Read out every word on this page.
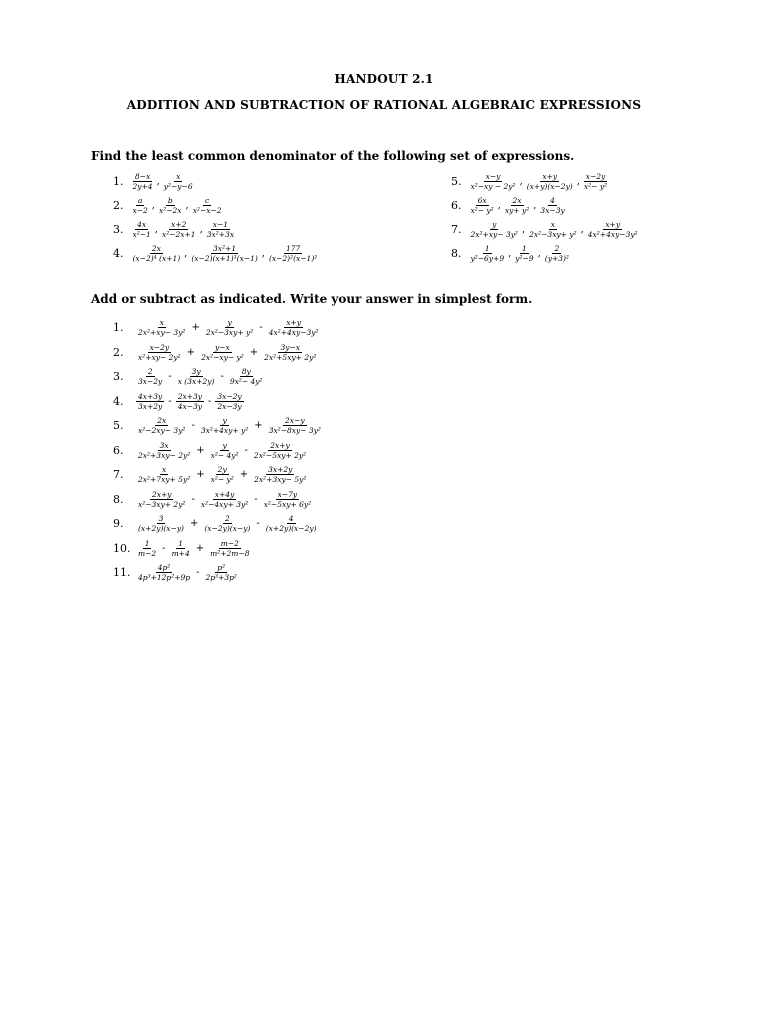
HANDOUT 2.1
ADDITION AND SUBTRACTION OF RATIONAL ALGEBRAIC EXPRESSIONS
Find the least common denominator of the following set of expressions.
1. $\frac{8-x}{2y+4}$ , $\frac{x}{\text{y²−y−6}}$
2. $\frac{a}{x-2}$ , $\frac{b}{\text{x²−2x}}$ , $\frac{c}{\text{x²−x−2}}$
3. $\frac{4x}{\text{x²−1}}$ , $\frac{x+2}{\text{x²−2x+1}}$ , $\frac{x-1}{\text{3x²+3x}}$
4. $\frac{2x}{\text{(x−2)⁴ (x+1)}}$ , $\frac{\text{3x²+1}}{\text{(x−2)(x+1)³(x−1)}}$ , $\frac{177}{\text{(x−2)²(x−1)²}}$
5. $\frac{x-y}{\text{x²−xy − 2y²}}$ , $\frac{x+y}{(x+y)(x-2y)}$ , $\frac{x-2y}{\text{x²− y²}}$
6. $\frac{6x}{\text{x²− y²}}$ , $\frac{2x}{\text{xy+ y²}}$ , $\frac{4}{3x-3y}$
7. $\frac{y}{\text{2x²+xy− 3y²}}$ , $\frac{x}{\text{2x²−3xy+ y²}}$ , $\frac{x+y}{\text{4x²+4xy−3y²}}$
8. $\frac{1}{\text{y²−6y+9}}$ , $\frac{1}{\text{y²−9}}$ , $\frac{2}{\text{(y+3)²}}$
Add or subtract as indicated. Write your answer in simplest form.
1.	$\frac{x}{\text{2x²+xy− 3y²}} + \frac{y}{\text{2x²−3xy+ y²}} - \frac{x+y}{\text{4x²+4xy−3y²}}$
2.	$\frac{x-2y}{\text{x²+xy− 2y²}} + \frac{y-x}{\text{2x²−xy− y²}} + \frac{3y-x}{\text{2x²+5xy+ 2y²}}$
3.	$\frac{2}{3x-2y} - \frac{3y}{x (3x+2y)} - \frac{8y}{\text{9x²− 4y²}}$
4.	$\frac{4x+3y}{3x+2y} - \frac{2x+3y}{4x-3y} - \frac{3x-2y}{2x-3y}$
5.	$\frac{2x}{\text{x²−2xy− 3y²}} - \frac{y}{\text{3x²+4xy+ y²}} + \frac{2x-y}{\text{3x²−8xy− 3y²}}$
6.	$\frac{3x}{\text{2x²+3xy− 2y²}} + \frac{y}{\text{x²− 4y²}} - \frac{2x+y}{\text{2x²−5xy+ 2y²}}$
7.	$\frac{x}{\text{2x²+7xy+ 5y²}} + \frac{2y}{\text{x²− y²}} + \frac{3x+2y}{\text{2x²+3xy− 5y²}}$
8.	$\frac{2x+y}{\text{x²−3xy+ 2y²}} - \frac{x+4y}{\text{x²−4xy+ 3y²}} - \frac{x-7y}{\text{x²−5xy+ 6y²}}$
9.	$\frac{3}{(x+2y)(x-y)} + \frac{2}{(x-2y)(x-y)} - \frac{4}{(x+2y)(x-2y)}$
10. $\frac{1}{m-2} - \frac{1}{m+4} + \frac{m-2}{\text{m²+2m−8}}$
11. $\frac{\text{4p²}}{\text{4p³+12p²+9p}} - \frac{\text{p²}}{\text{2p³+3p²}}$
